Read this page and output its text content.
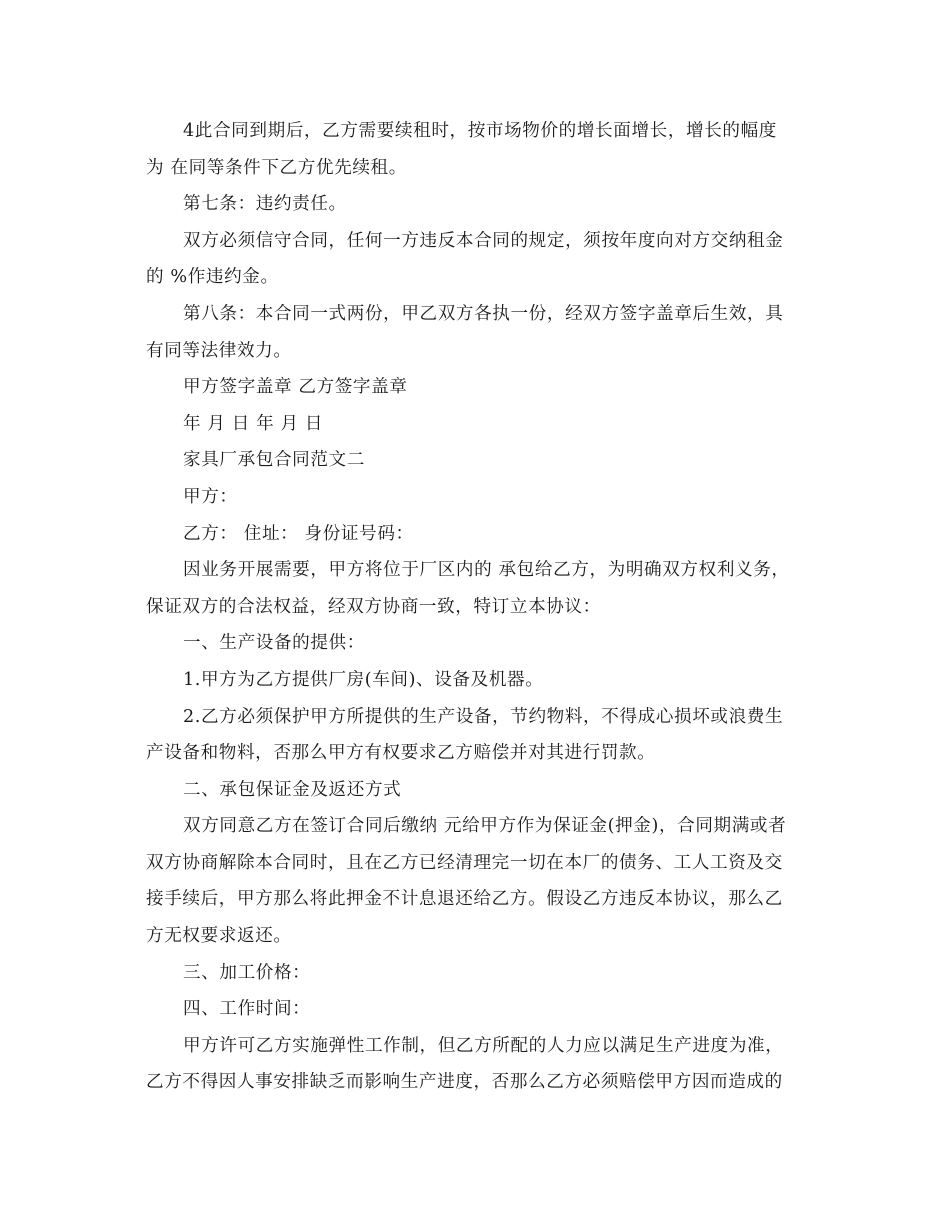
4此合同到期后，乙方需要续租时，按市场物价的增长面增长，增长的幅度
为 在同等条件下乙方优先续租。
第七条：违约责任。
双方必须信守合同，任何一方违反本合同的规定，须按年度向对方交纳租金
的 %作违约金。
第八条：本合同一式两份，甲乙双方各执一份，经双方签字盖章后生效，具
有同等法律效力。
甲方签字盖章 乙方签字盖章
年 月 日 年 月 日
家具厂承包合同范文二
甲方：
乙方： 住址： 身份证号码：
因业务开展需要，甲方将位于厂区内的 承包给乙方，为明确双方权利义务，
保证双方的合法权益，经双方协商一致，特订立本协议：
一、生产设备的提供：
1.甲方为乙方提供厂房(车间)、设备及机器。
2.乙方必须保护甲方所提供的生产设备，节约物料，不得成心损坏或浪费生
产设备和物料，否那么甲方有权要求乙方赔偿并对其进行罚款。
二、承包保证金及返还方式
双方同意乙方在签订合同后缴纳 元给甲方作为保证金(押金)，合同期满或者
双方协商解除本合同时，且在乙方已经清理完一切在本厂的债务、工人工资及交
接手续后，甲方那么将此押金不计息退还给乙方。假设乙方违反本协议，那么乙
方无权要求返还。
三、加工价格：
四、工作时间：
甲方许可乙方实施弹性工作制，但乙方所配的人力应以满足生产进度为准，
乙方不得因人事安排缺乏而影响生产进度，否那么乙方必须赔偿甲方因而造成的
